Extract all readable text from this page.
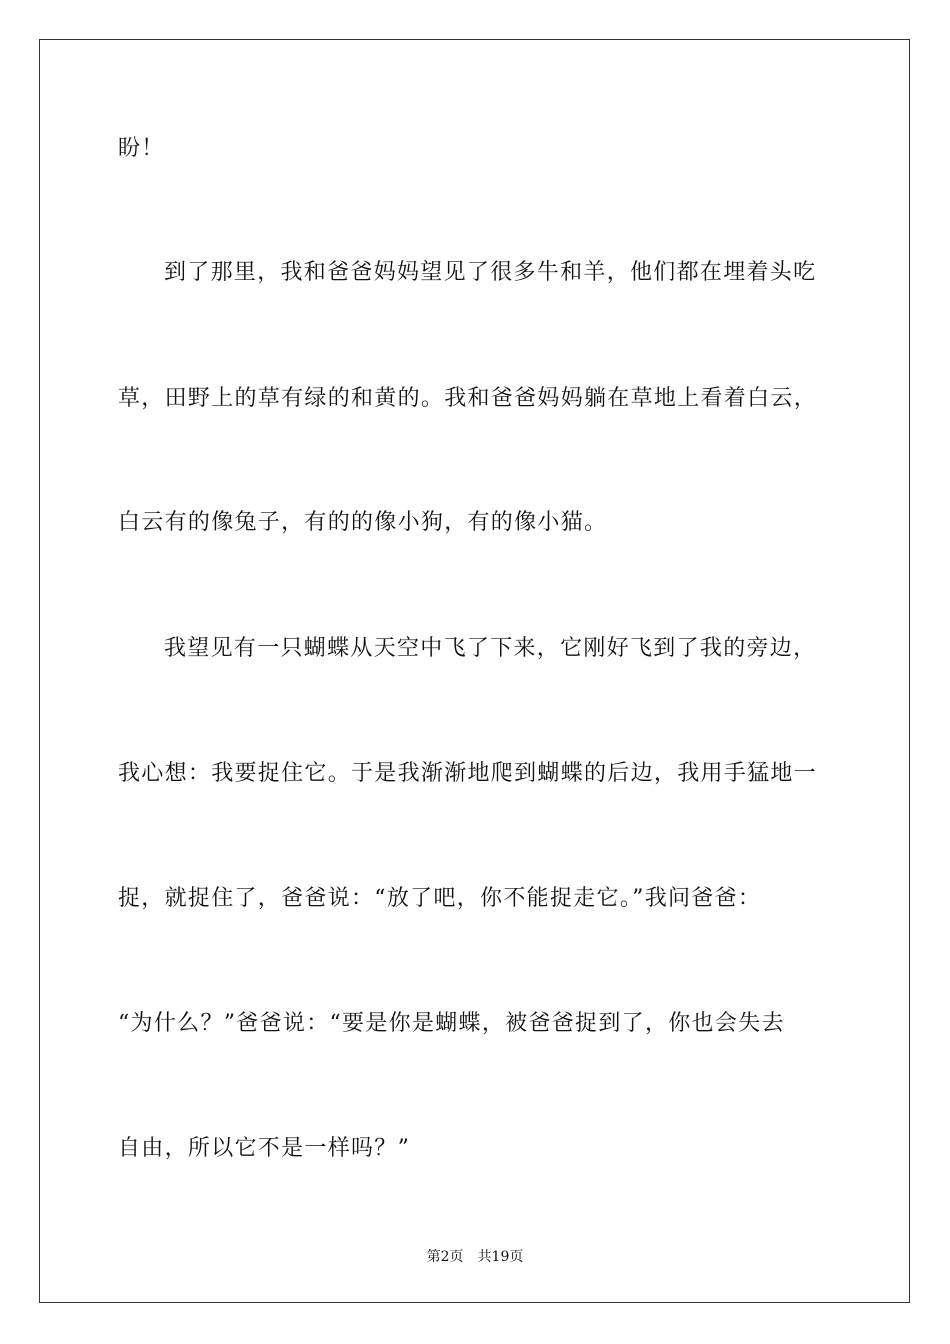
盼！
到了那里，我和爸爸妈妈望见了很多牛和羊，他们都在埋着头吃
草，田野上的草有绿的和黄的。我和爸爸妈妈躺在草地上看着白云，
白云有的像兔子，有的的像小狗，有的像小猫。
我望见有一只蝴蝶从天空中飞了下来，它刚好飞到了我的旁边，
我心想：我要捉住它。于是我渐渐地爬到蝴蝶的后边，我用手猛地一
捉，就捉住了，爸爸说：“放了吧，你不能捉走它。”我问爸爸：
“为什么？”爸爸说：“要是你是蝴蝶，被爸爸捉到了，你也会失去
自由，所以它不是一样吗？”
第2页 共19页
